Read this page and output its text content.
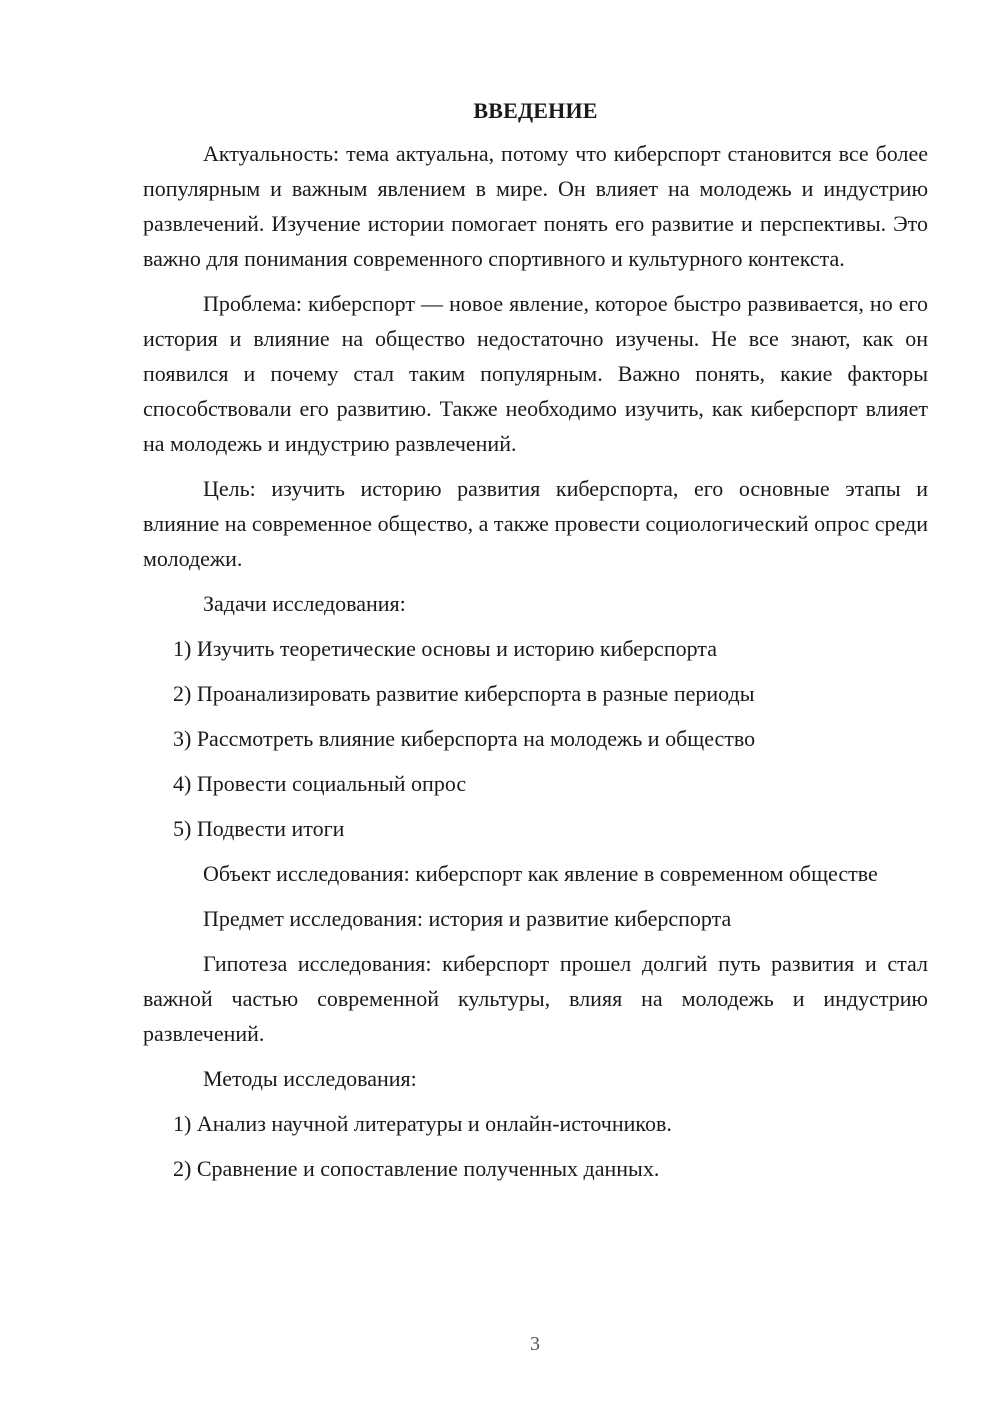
ВВЕДЕНИЕ

Актуальность: тема актуальна, потому что киберспорт становится все более популярным и важным явлением в мире. Он влияет на молодежь и индустрию развлечений. Изучение истории помогает понять его развитие и перспективы. Это важно для понимания современного спортивного и культурного контекста.

Проблема: киберспорт — новое явление, которое быстро развивается, но его история и влияние на общество недостаточно изучены. Не все знают, как он появился и почему стал таким популярным. Важно понять, какие факторы способствовали его развитию. Также необходимо изучить, как киберспорт влияет на молодежь и индустрию развлечений.

Цель: изучить историю развития киберспорта, его основные этапы и влияние на современное общество, а также провести социологический опрос среди молодежи.

Задачи исследования:

1) Изучить теоретические основы и историю киберспорта
2) Проанализировать развитие киберспорта в разные периоды
3) Рассмотреть влияние киберспорта на молодежь и общество
4) Провести социальный опрос
5) Подвести итоги

Объект исследования: киберспорт как явление в современном обществе

Предмет исследования: история и развитие киберспорта

Гипотеза исследования: киберспорт прошел долгий путь развития и стал важной частью современной культуры, влияя на молодежь и индустрию развлечений.

Методы исследования:

1) Анализ научной литературы и онлайн-источников.
2) Сравнение и сопоставление полученных данных.
3
